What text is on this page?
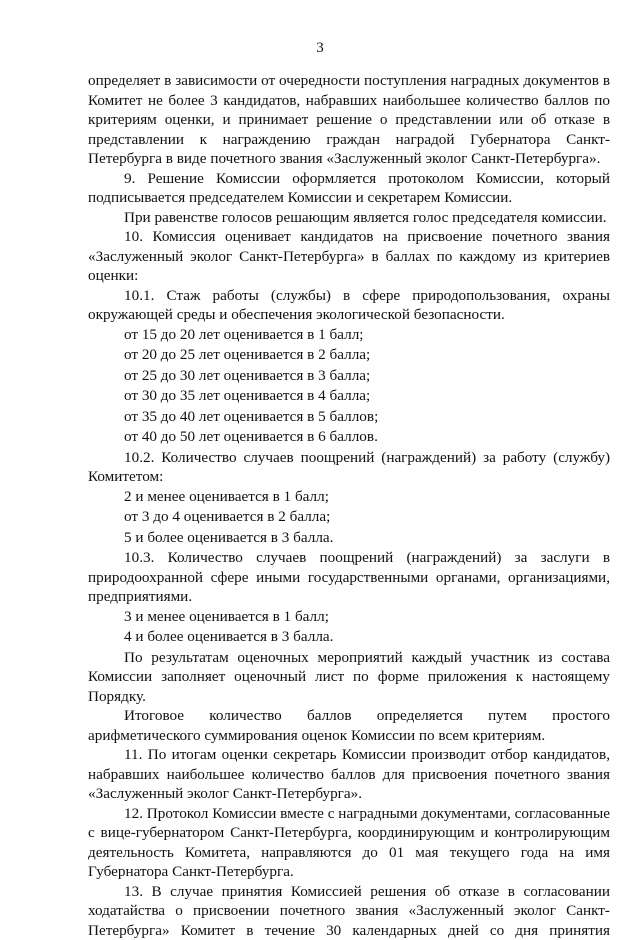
3

определяет в зависимости от очередности поступления наградных документов в Комитет не более 3 кандидатов, набравших наибольшее количество баллов по критериям оценки, и принимает решение о представлении или об отказе в представлении к награждению граждан наградой Губернатора Санкт-Петербурга в виде почетного звания «Заслуженный эколог Санкт-Петербурга».

9. Решение Комиссии оформляется протоколом Комиссии, который подписывается председателем Комиссии и секретарем Комиссии.

При равенстве голосов решающим является голос председателя комиссии.

10. Комиссия оценивает кандидатов на присвоение почетного звания «Заслуженный эколог Санкт-Петербурга» в баллах по каждому из критериев оценки:

10.1. Стаж работы (службы) в сфере природопользования, охраны окружающей среды и обеспечения экологической безопасности.

от 15 до 20 лет оценивается в 1 балл;

от 20 до 25 лет оценивается в 2 балла;

от 25 до 30 лет оценивается в 3 балла;

от 30 до 35 лет оценивается в 4 балла;

от 35 до 40 лет оценивается в 5 баллов;

от 40 до 50 лет оценивается в 6 баллов.

10.2. Количество случаев поощрений (награждений) за работу (службу) Комитетом:

2 и менее оценивается в 1 балл;

от 3 до 4 оценивается в 2 балла;

5 и более оценивается в 3 балла.

10.3. Количество случаев поощрений (награждений) за заслуги в природоохранной сфере иными государственными органами, организациями, предприятиями.

3 и менее оценивается в 1 балл;

4 и более оценивается в 3 балла.

По результатам оценочных мероприятий каждый участник из состава Комиссии заполняет оценочный лист по форме приложения к настоящему Порядку.

Итоговое количество баллов определяется путем простого арифметического суммирования оценок Комиссии по всем критериям.

11. По итогам оценки секретарь Комиссии производит отбор кандидатов, набравших наибольшее количество баллов для присвоения почетного звания «Заслуженный эколог Санкт-Петербурга».

12. Протокол Комиссии вместе с наградными документами, согласованные с вице-губернатором Санкт-Петербурга, координирующим и контролирующим деятельность Комитета, направляются до 01 мая текущего года на имя Губернатора Санкт-Петербурга.

13. В случае принятия Комиссией решения об отказе в согласовании ходатайства о присвоении почетного звания «Заслуженный эколог Санкт-Петербурга» Комитет в течение 30 календарных дней со дня принятия
